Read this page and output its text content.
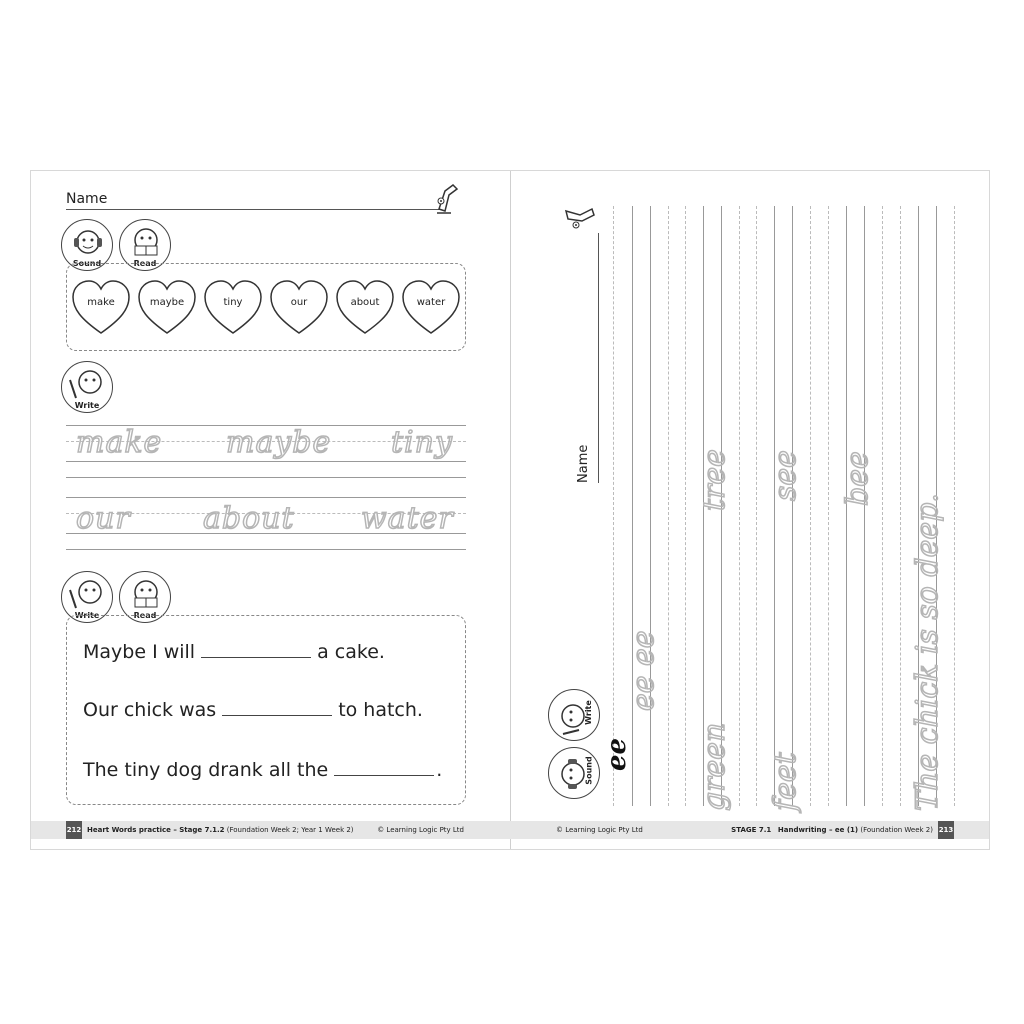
Name
Sound	Read
make	maybe	tiny	our	about	water
Write
make maybe tiny
our about water
Write	Read
Maybe I will	a cake.
Our chick was	to hatch.
The tiny dog drank all the	.
212 Heart Words practice – Stage 7.1.2 (Foundation Week 2; Year 1 Week 2)	© Learning Logic Pty Ltd
Name
ee ee
green
tree
feet
see bee
The chick is so deep.
ee
Write
Sound
© Learning Logic Pty Ltd	STAGE 7.1 Handwriting – ee (1) (Foundation Week 2) 213
